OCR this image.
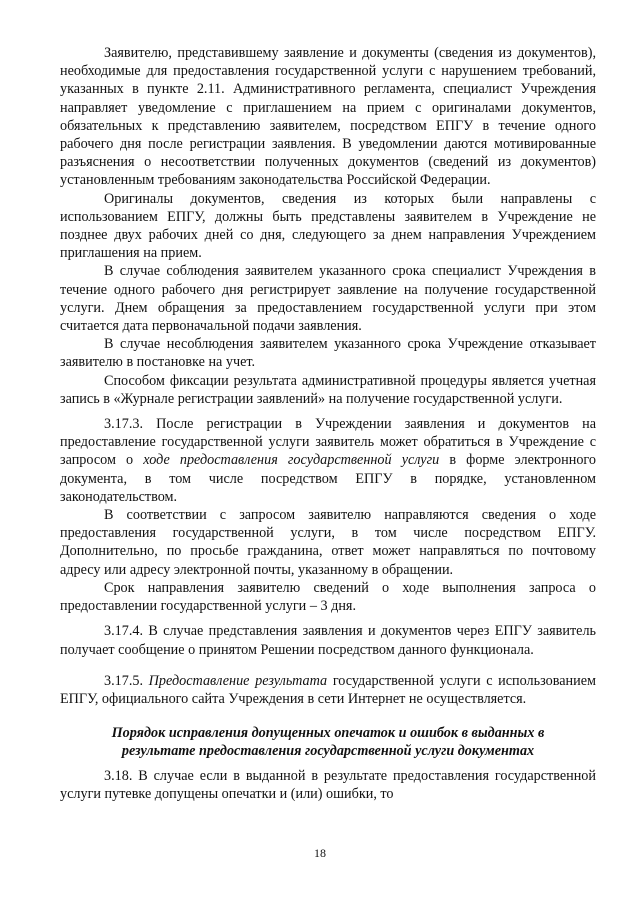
Заявителю, представившему заявление и документы (сведения из документов), необходимые для предоставления государственной услуги с нарушением требований, указанных в пункте 2.11. Административного регламента, специалист Учреждения направляет уведомление с приглашением на прием с оригиналами документов, обязательных к представлению заявителем, посредством ЕПГУ в течение одного рабочего дня после регистрации заявления. В уведомлении даются мотивированные разъяснения о несоответствии полученных документов (сведений из документов) установленным требованиям законодательства Российской Федерации.

Оригиналы документов, сведения из которых были направлены с использованием ЕПГУ, должны быть представлены заявителем в Учреждение не позднее двух рабочих дней со дня, следующего за днем направления Учреждением приглашения на прием.

В случае соблюдения заявителем указанного срока специалист Учреждения в течение одного рабочего дня регистрирует заявление на получение государственной услуги. Днем обращения за предоставлением государственной услуги при этом считается дата первоначальной подачи заявления.

В случае несоблюдения заявителем указанного срока Учреждение отказывает заявителю в постановке на учет.

Способом фиксации результата административной процедуры является учетная запись в «Журнале регистрации заявлений» на получение государственной услуги.

3.17.3. После регистрации в Учреждении заявления и документов на предоставление государственной услуги заявитель может обратиться в Учреждение с запросом о ходе предоставления государственной услуги в форме электронного документа, в том числе посредством ЕПГУ в порядке, установленном законодательством.

В соответствии с запросом заявителю направляются сведения о ходе предоставления государственной услуги, в том числе посредством ЕПГУ. Дополнительно, по просьбе гражданина, ответ может направляться по почтовому адресу или адресу электронной почты, указанному в обращении.

Срок направления заявителю сведений о ходе выполнения запроса о предоставлении государственной услуги – 3 дня.

3.17.4. В случае представления заявления и документов через ЕПГУ заявитель получает сообщение о принятом Решении посредством данного функционала.

3.17.5. Предоставление результата государственной услуги с использованием ЕПГУ, официального сайта Учреждения в сети Интернет не осуществляется.

Порядок исправления допущенных опечаток и ошибок в выданных в
результате предоставления государственной услуги документах

3.18. В случае если в выданной в результате предоставления государственной услуги путевке допущены опечатки и (или) ошибки, то

18
